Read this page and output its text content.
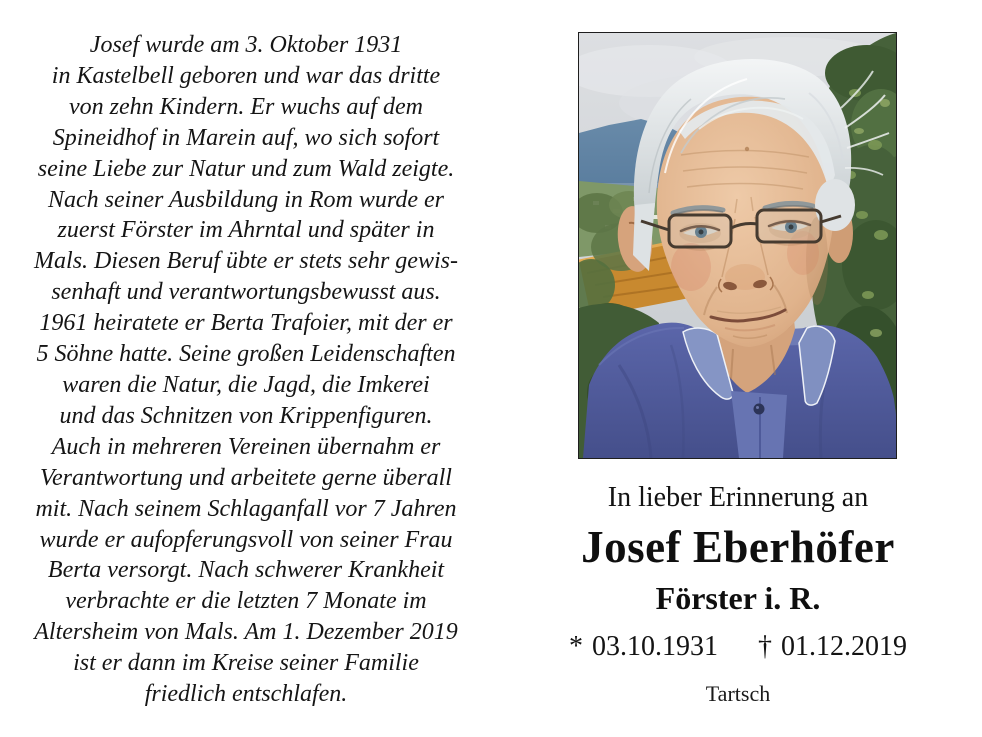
Josef wurde am 3. Oktober 1931
in Kastelbell geboren und war das dritte
von zehn Kindern. Er wuchs auf dem
Spineidhof in Marein auf, wo sich sofort
seine Liebe zur Natur und zum Wald zeigte.
Nach seiner Ausbildung in Rom wurde er
zuerst Förster im Ahrntal und später in
Mals. Diesen Beruf übte er stets sehr gewis-
senhaft und verantwortungsbewusst aus.
1961 heiratete er Berta Trafoier, mit der er
5 Söhne hatte. Seine großen Leidenschaften
waren die Natur, die Jagd, die Imkerei
und das Schnitzen von Krippenfiguren.
Auch in mehreren Vereinen übernahm er
Verantwortung und arbeitete gerne überall
mit. Nach seinem Schlaganfall vor 7 Jahren
wurde er aufopferungsvoll von seiner Frau
Berta versorgt. Nach schwerer Krankheit
verbrachte er die letzten 7 Monate im
Altersheim von Mals. Am 1. Dezember 2019
ist er dann im Kreise seiner Familie
friedlich entschlafen.
In lieber Erinnerung an
Josef Eberhöfer
Förster i. R.
* 03.10.1931 † 01.12.2019
Tartsch
